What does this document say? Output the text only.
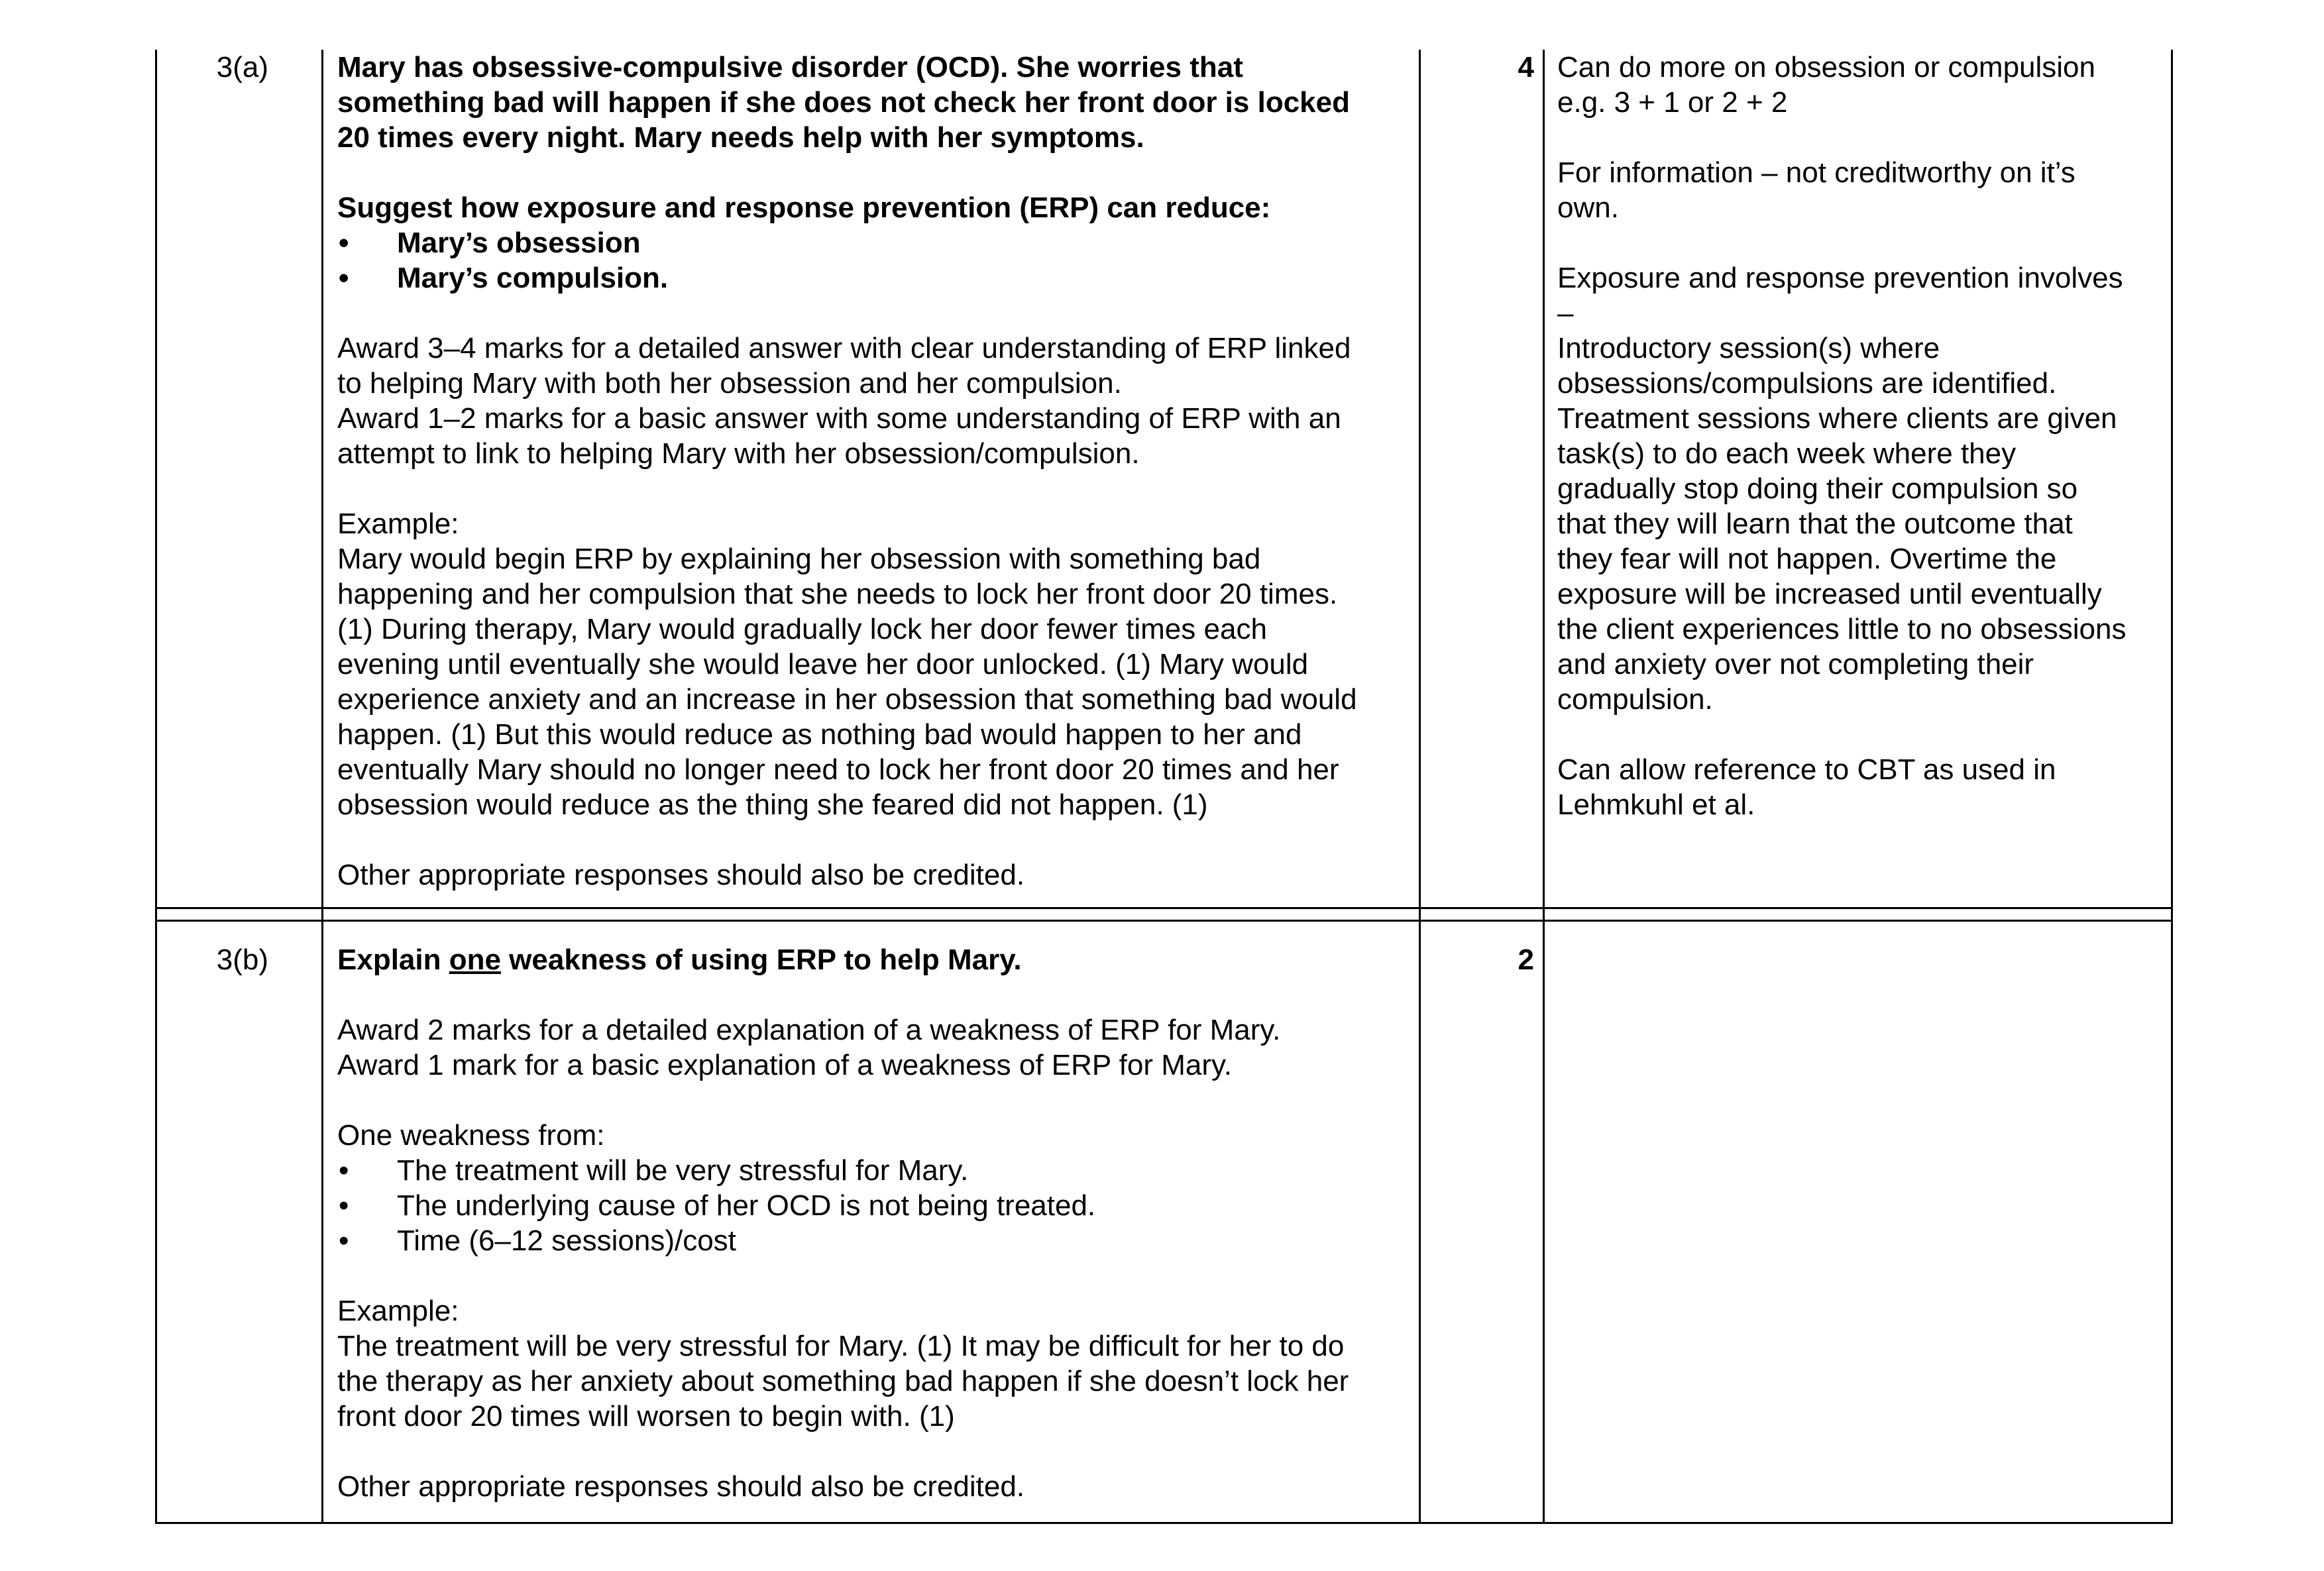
3(a) Mary has obsessive-compulsive disorder (OCD). She worries that

something bad will happen if she does not check her front door is locked

20 times every night. Mary needs help with her symptoms.

Suggest how exposure and response prevention (ERP) can reduce:

• Mary’s obsession
• Mary’s compulsion.

Award 3–4 marks for a detailed answer with clear understanding of ERP linked

to helping Mary with both her obsession and her compulsion.

Award 1–2 marks for a basic answer with some understanding of ERP with an

attempt to link to helping Mary with her obsession/compulsion.

Example:

Mary would begin ERP by explaining her obsession with something bad

happening and her compulsion that she needs to lock her front door 20 times.

(1) During therapy, Mary would gradually lock her door fewer times each

evening until eventually she would leave her door unlocked. (1) Mary would

experience anxiety and an increase in her obsession that something bad would

happen. (1) But this would reduce as nothing bad would happen to her and

eventually Mary should no longer need to lock her front door 20 times and her

obsession would reduce as the thing she feared did not happen. (1)

Other appropriate responses should also be credited.

4 Can do more on obsession or compulsion

e.g. 3 + 1 or 2 + 2

For information – not creditworthy on it’s

own.

Exposure and response prevention involves

–

Introductory session(s) where

obsessions/compulsions are identified.

Treatment sessions where clients are given

task(s) to do each week where they

gradually stop doing their compulsion so

that they will learn that the outcome that

they fear will not happen. Overtime the

exposure will be increased until eventually

the client experiences little to no obsessions

and anxiety over not completing their

compulsion.

Can allow reference to CBT as used in

Lehmkuhl et al.

3(b) Explain one weakness of using ERP to help Mary.

Award 2 marks for a detailed explanation of a weakness of ERP for Mary.

Award 1 mark for a basic explanation of a weakness of ERP for Mary.

One weakness from:

• The treatment will be very stressful for Mary.
• The underlying cause of her OCD is not being treated.
• Time (6–12 sessions)/cost

Example:

The treatment will be very stressful for Mary. (1) It may be difficult for her to do

the therapy as her anxiety about something bad happen if she doesn’t lock her

front door 20 times will worsen to begin with. (1)

Other appropriate responses should also be credited.

2
